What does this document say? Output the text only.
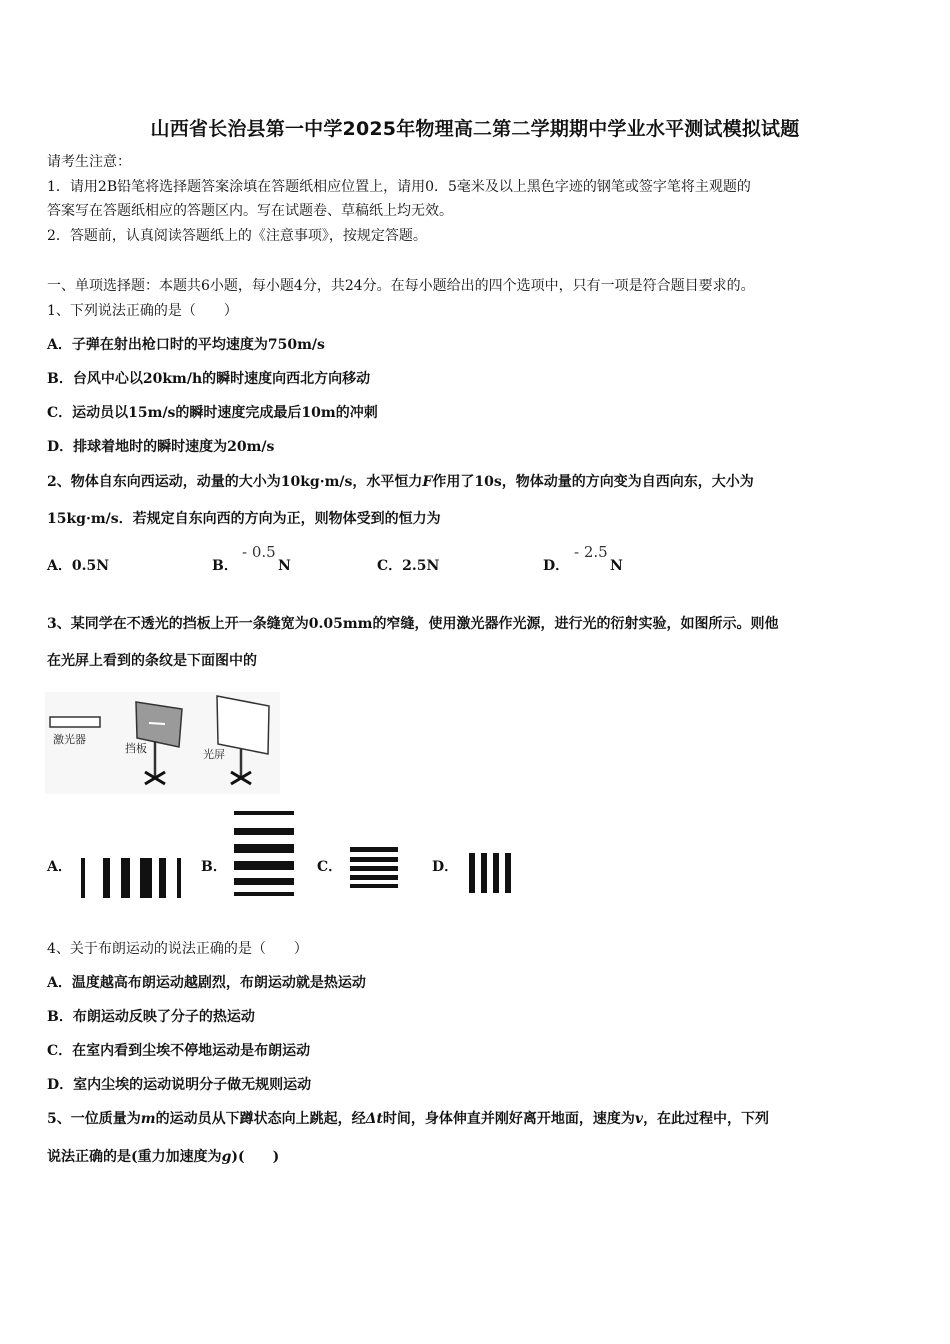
山西省长治县第一中学2025年物理高二第二学期期中学业水平测试模拟试题
请考生注意：
1．请用2B铅笔将选择题答案涂填在答题纸相应位置上，请用0．5毫米及以上黑色字迹的钢笔或签字笔将主观题的
答案写在答题纸相应的答题区内。写在试题卷、草稿纸上均无效。
2．答题前，认真阅读答题纸上的《注意事项》，按规定答题。
一、单项选择题：本题共6小题，每小题4分，共24分。在每小题给出的四个选项中，只有一项是符合题目要求的。
1、下列说法正确的是（　　）
A．子弹在射出枪口时的平均速度为750m/s
B．台风中心以20km/h的瞬时速度向西北方向移动
C．运动员以15m/s的瞬时速度完成最后10m的冲刺
D．排球着地时的瞬时速度为20m/s
2、物体自东向西运动，动量的大小为10kg·m/s，水平恒力F作用了10s，物体动量的方向变为自西向东，大小为
15kg·m/s．若规定自东向西的方向为正，则物体受到的恒力为
A．0.5N	B．
- 0.5
N	C．2.5N	D．
- 2.5
N
3、某同学在不透光的挡板上开一条缝宽为0.05mm的窄缝，使用激光器作光源，进行光的衍射实验，如图所示。则他
在光屏上看到的条纹是下面图中的
激光器
挡板	光屏
A．	B．	C．	D．
4、关于布朗运动的说法正确的是（　　）
A．温度越高布朗运动越剧烈，布朗运动就是热运动
B．布朗运动反映了分子的热运动
C．在室内看到尘埃不停地运动是布朗运动
D．室内尘埃的运动说明分子做无规则运动
5、一位质量为m的运动员从下蹲状态向上跳起，经Δt时间，身体伸直并刚好离开地面，速度为v，在此过程中，下列
说法正确的是(重力加速度为g)(　　)
